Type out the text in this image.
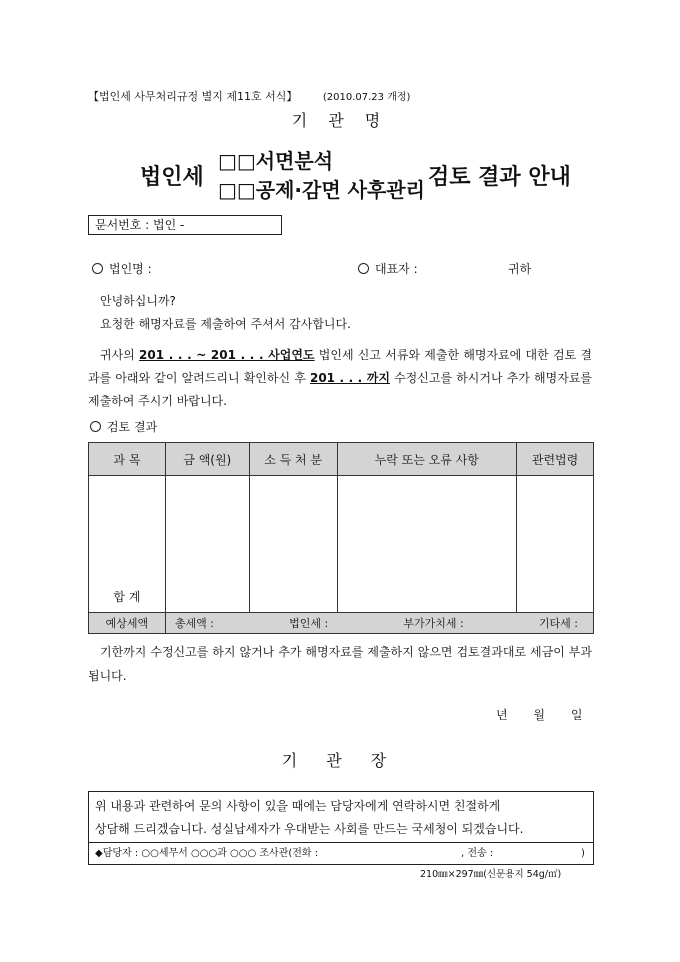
【법인세 사무처리규정 별지 제11호 서식】	(2010.07.23 개정)
기 관 명
법인세
□□서면분석
□□공제·감면 사후관리 검토 결과 안내
문서번호 : 법인 -
법인명 :	대표자 :	귀하
안녕하십니까?
요청한 해명자료를 제출하여 주셔서 감사합니다.
귀사의 201 . . . ~ 201 . . . 사업연도 법인세 신고 서류와 제출한 해명자료에 대한 검토 결과를 아래와 같이 알려드리니 확인하신 후 201 . . . 까지 수정신고를 하시거나 추가 해명자료를 제출하여 주시기 바랍니다.
검토 결과
과 목	금 액(원)	소 득 처 분	누락 또는 오류 사항	관련법령
합 계

예상세액	총세액 : 법인세 : 부가가치세 : 기타세 :			
기한까지 수정신고를 하지 않거나 추가 해명자료를 제출하지 않으면 검토결과대로 세금이 부과됩니다.
년 월 일
기 관 장
위 내용과 관련하여 문의 사항이 있을 때에는 담당자에게 연락하시면 친절하게
상담해 드리겠습니다. 성실납세자가 우대받는 사회를 만드는 국세청이 되겠습니다.
◆담당자 : ○○세무서 ○○○과 ○○○ 조사관(전화 :	, 전송 :	)
210㎜×297㎜(신문용지 54g/㎡)
